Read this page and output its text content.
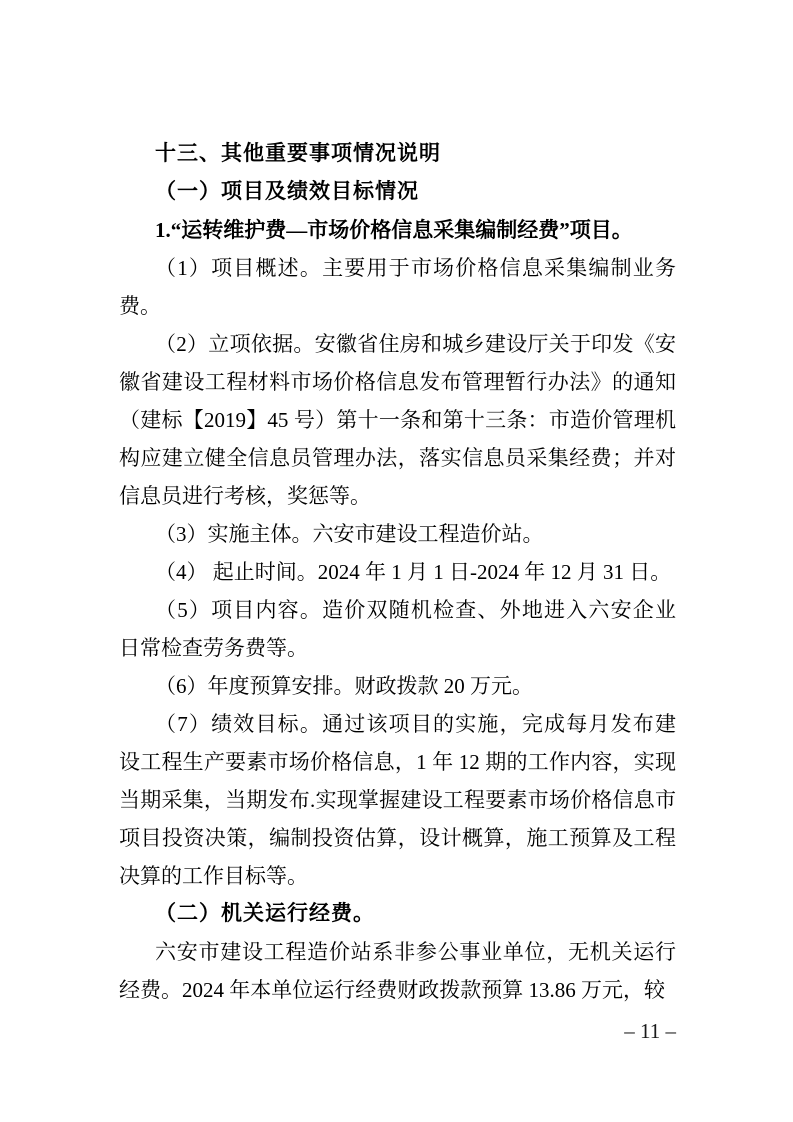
十三、其他重要事项情况说明
（一）项目及绩效目标情况
1.“运转维护费—市场价格信息采集编制经费”项目。
（1）项目概述。主要用于市场价格信息采集编制业务
费。
（2）立项依据。安徽省住房和城乡建设厅关于印发《安
徽省建设工程材料市场价格信息发布管理暂行办法》的通知
（建标【2019】45 号）第十一条和第十三条：市造价管理机
构应建立健全信息员管理办法，落实信息员采集经费；并对
信息员进行考核，奖惩等。
（3）实施主体。六安市建设工程造价站。
（4） 起止时间。2024 年 1 月 1 日-2024 年 12 月 31 日。
（5）项目内容。造价双随机检查、外地进入六安企业
日常检查劳务费等。
（6）年度预算安排。财政拨款 20 万元。
（7）绩效目标。通过该项目的实施，完成每月发布建
设工程生产要素市场价格信息，1 年 12 期的工作内容，实现
当期采集，当期发布.实现掌握建设工程要素市场价格信息市
项目投资决策，编制投资估算，设计概算，施工预算及工程
决算的工作目标等。
（二）机关运行经费。
六安市建设工程造价站系非参公事业单位，无机关运行
经费。2024 年本单位运行经费财政拨款预算 13.86 万元，较
– 11 –
